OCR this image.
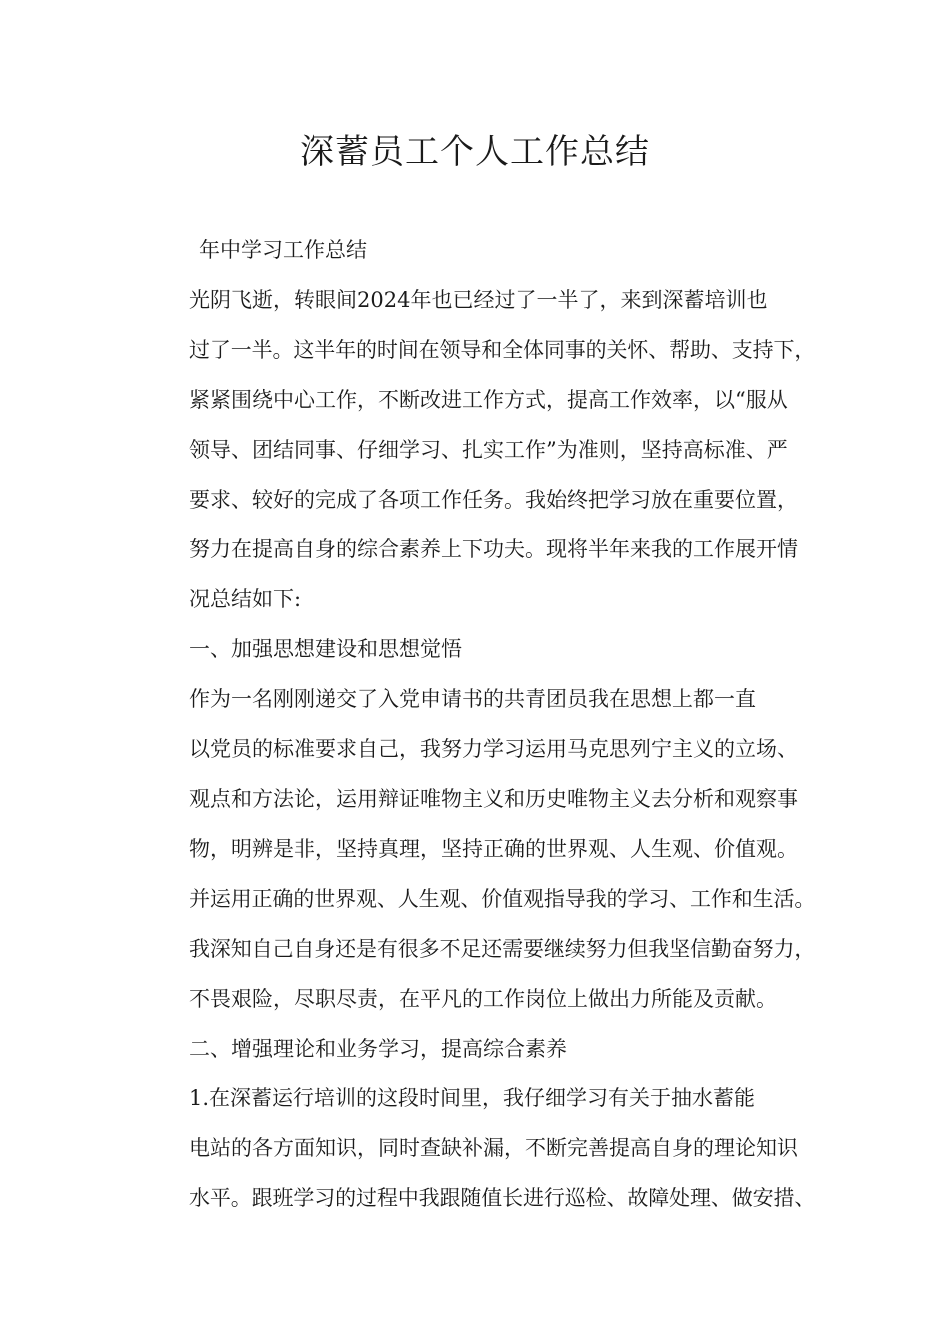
深蓄员工个人工作总结

年中学习工作总结

光阴飞逝，转眼间2024年也已经过了一半了，来到深蓄培训也
过了一半。这半年的时间在领导和全体同事的关怀、帮助、支持下，
紧紧围绕中心工作，不断改进工作方式，提高工作效率，以“服从
领导、团结同事、仔细学习、扎实工作”为准则，坚持高标准、严
要求、较好的完成了各项工作任务。我始终把学习放在重要位置，
努力在提高自身的综合素养上下功夫。现将半年来我的工作展开情
况总结如下:

一、加强思想建设和思想觉悟

作为一名刚刚递交了入党申请书的共青团员我在思想上都一直
以党员的标准要求自己，我努力学习运用马克思列宁主义的立场、
观点和方法论，运用辩证唯物主义和历史唯物主义去分析和观察事
物，明辨是非，坚持真理，坚持正确的世界观、人生观、价值观。
并运用正确的世界观、人生观、价值观指导我的学习、工作和生活。
我深知自己自身还是有很多不足还需要继续努力但我坚信勤奋努力，
不畏艰险，尽职尽责，在平凡的工作岗位上做出力所能及贡献。

二、增强理论和业务学习，提高综合素养

1.在深蓄运行培训的这段时间里，我仔细学习有关于抽水蓄能
电站的各方面知识，同时查缺补漏，不断完善提高自身的理论知识
水平。跟班学习的过程中我跟随值长进行巡检、故障处理、做安措、
